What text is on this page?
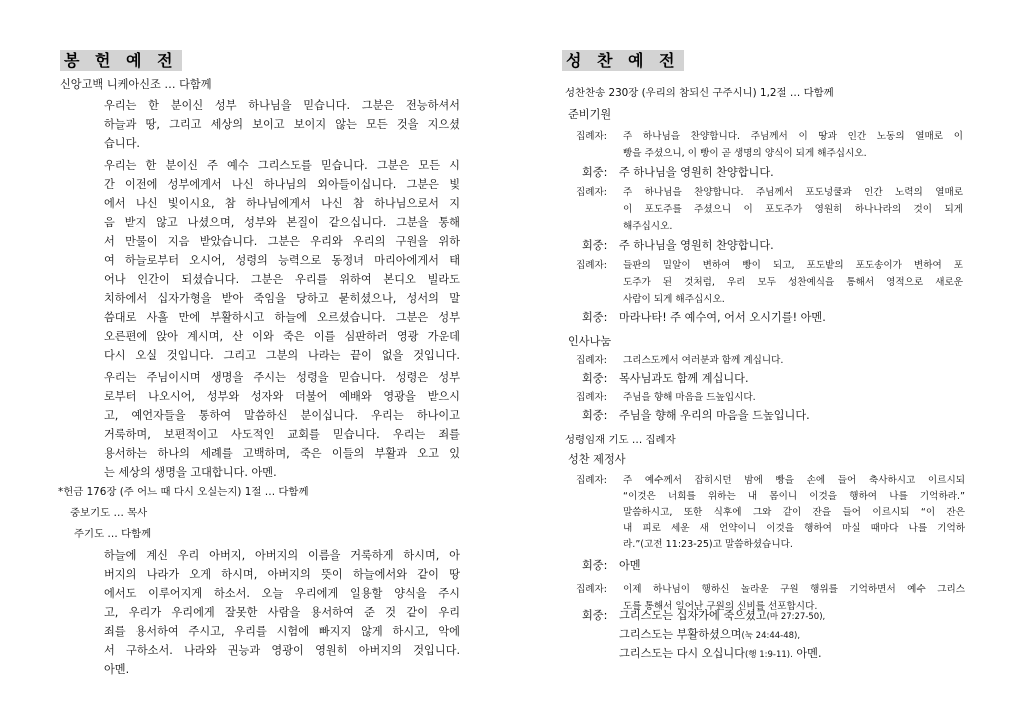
봉 헌 예 전
신앙고백 니케아신조 … 다함께
우리는 한 분이신 성부 하나님을 믿습니다. 그분은 전능하셔서
하늘과 땅, 그리고 세상의 보이고 보이지 않는 모든 것을 지으셨
습니다.
우리는 한 분이신 주 예수 그리스도를 믿습니다. 그분은 모든 시
간 이전에 성부에게서 나신 하나님의 외아들이십니다. 그분은 빛
에서 나신 빛이시요, 참 하나님에게서 나신 참 하나님으로서 지
음 받지 않고 나셨으며, 성부와 본질이 같으십니다. 그분을 통해
서 만물이 지음 받았습니다. 그분은 우리와 우리의 구원을 위하
여 하늘로부터 오시어, 성령의 능력으로 동정녀 마리아에게서 태
어나 인간이 되셨습니다. 그분은 우리를 위하여 본디오 빌라도
치하에서 십자가형을 받아 죽임을 당하고 묻히셨으나, 성서의 말
씀대로 사흘 만에 부활하시고 하늘에 오르셨습니다. 그분은 성부
오른편에 앉아 계시며, 산 이와 죽은 이를 심판하러 영광 가운데
다시 오실 것입니다. 그리고 그분의 나라는 끝이 없을 것입니다.
우리는 주님이시며 생명을 주시는 성령을 믿습니다. 성령은 성부
로부터 나오시어, 성부와 성자와 더불어 예배와 영광을 받으시
고, 예언자들을 통하여 말씀하신 분이십니다. 우리는 하나이고
거룩하며, 보편적이고 사도적인 교회를 믿습니다. 우리는 죄를
용서하는 하나의 세례를 고백하며, 죽은 이들의 부활과 오고 있
는 세상의 생명을 고대합니다. 아멘.
*헌금 176장 (주 어느 때 다시 오실는지) 1절 … 다함께
중보기도 … 목사
주기도 … 다함께
하늘에 계신 우리 아버지, 아버지의 이름을 거룩하게 하시며, 아
버지의 나라가 오게 하시며, 아버지의 뜻이 하늘에서와 같이 땅
에서도 이루어지게 하소서. 오늘 우리에게 일용할 양식을 주시
고, 우리가 우리에게 잘못한 사람을 용서하여 준 것 같이 우리
죄를 용서하여 주시고, 우리를 시험에 빠지지 않게 하시고, 악에
서 구하소서. 나라와 권능과 영광이 영원히 아버지의 것입니다.
아멘.
성 찬 예 전
성찬찬송 230장 (우리의 참되신 구주시니) 1,2절 … 다함께
준비기원
집례자: 주 하나님을 찬양합니다. 주님께서 이 땅과 인간 노동의 열매로 이
빵을 주셨으니, 이 빵이 곧 생명의 양식이 되게 해주십시오.
회중: 주 하나님을 영원히 찬양합니다.
집례자: 주 하나님을 찬양합니다. 주님께서 포도넝쿨과 인간 노력의 열매로
이 포도주를 주셨으니 이 포도주가 영원히 하나나라의 것이 되게
해주십시오.
회중: 주 하나님을 영원히 찬양합니다.
집례자: 들판의 밀알이 변하여 빵이 되고, 포도밭의 포도송이가 변하여 포
도주가 된 것처럼, 우리 모두 성찬예식을 통해서 영적으로 새로운
사람이 되게 해주십시오.
회중: 마라나타! 주 예수여, 어서 오시기를! 아멘.
인사나눔
집례자: 그리스도께서 여러분과 함께 계십니다.
회중: 목사님과도 함께 계십니다.
집례자: 주님을 향해 마음을 드높입시다.
회중: 주님을 향해 우리의 마음을 드높입니다.
성령임재 기도 … 집례자
성찬 제정사
집례자: 주 예수께서 잡히시던 밤에 빵을 손에 들어 축사하시고 이르시되
“이것은 너희를 위하는 내 몸이니 이것을 행하여 나를 기억하라.”
말씀하시고, 또한 식후에 그와 같이 잔을 들어 이르시되 “이 잔은
내 피로 세운 새 언약이니 이것을 행하여 마실 때마다 나를 기억하
라.”(고전 11:23-25)고 말씀하셨습니다.
회중: 아멘
집례자: 이제 하나님이 행하신 놀라운 구원 행위를 기억하면서 예수 그리스
도를 통해서 일어난 구원의 신비를 선포합시다.
회중: 그리스도는 십자가에 죽으셨고(마 27:27-50),
그리스도는 부활하셨으며(눅 24:44-48),
그리스도는 다시 오십니다(행 1:9-11). 아멘.
